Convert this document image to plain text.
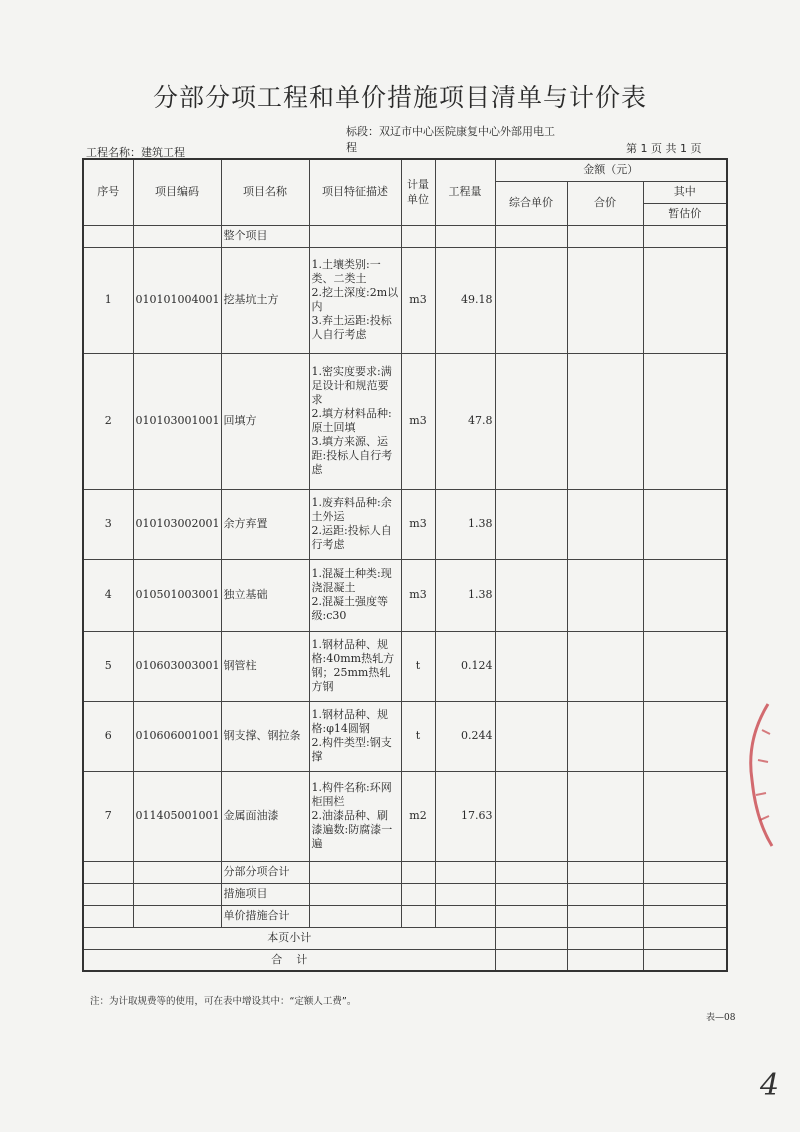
分部分项工程和单价措施项目清单与计价表
工程名称：建筑工程
标段：双辽市中心医院康复中心外部用电工程	第 1 页 共 1 页
序号	项目编码	项目名称	项目特征描述	计量单位	工程量	金额（元）		
						综合单价	合价	其中
								暂估价
		整个项目						
1	010101004001	挖基坑土方	1.土壤类别:一类、二类土
2.挖土深度:2m以内
3.弃土运距:投标人自行考虑	m3	49.18			
2	010103001001	回填方	1.密实度要求:满足设计和规范要求
2.填方材料品种:原土回填
3.填方来源、运距:投标人自行考虑	m3	47.8			
3	010103002001	余方弃置	1.废弃料品种:余土外运
2.运距:投标人自行考虑	m3	1.38			
4	010501003001	独立基础	1.混凝土种类:现浇混凝土
2.混凝土强度等级:c30	m3	1.38			
5	010603003001	钢管柱	1.钢材品种、规格:40mm热轧方钢；25mm热轧方钢	t	0.124			
6	010606001001	钢支撑、钢拉条	1.钢材品种、规格:φ14圆钢
2.构件类型:钢支撑	t	0.244			
7	011405001001	金属面油漆	1.构件名称:环网柜围栏
2.油漆品种、刷漆遍数:防腐漆一遍	m2	17.63			
		分部分项合计						
		措施项目						
		单价措施合计						
本页小计								
合    计								
注：为计取规费等的使用，可在表中增设其中：“定额人工费”。
表—08
4
